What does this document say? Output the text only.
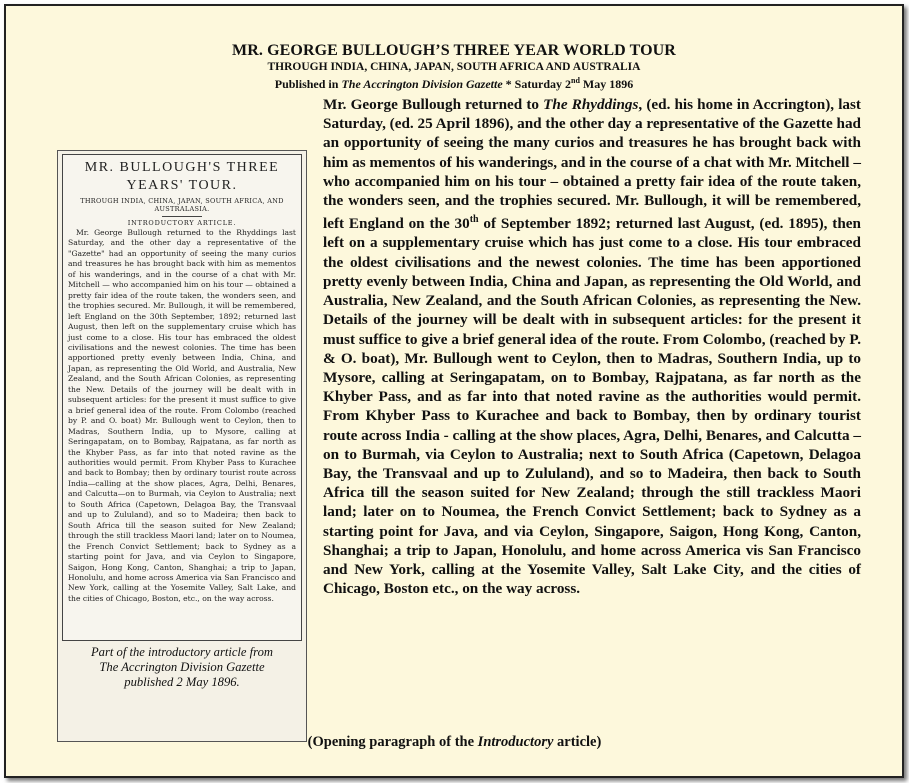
MR. GEORGE BULLOUGH’S THREE YEAR WORLD TOUR
THROUGH INDIA, CHINA, JAPAN, SOUTH AFRICA AND AUSTRALIA
Published in The Accrington Division Gazette * Saturday 2nd May 1896
Mr. George Bullough returned to The Rhyddings, (ed. his home in Accrington), last Saturday, (ed. 25 April 1896), and the other day a representative of the Gazette had an opportunity of seeing the many curios and treasures he has brought back with him as mementos of his wanderings, and in the course of a chat with Mr. Mitchell – who accompanied him on his tour – obtained a pretty fair idea of the route taken, the wonders seen, and the trophies secured. Mr. Bullough, it will be remembered, left England on the 30th of September 1892; returned last August, (ed. 1895), then left on a supplementary cruise which has just come to a close. His tour embraced the oldest civilisations and the newest colonies. The time has been apportioned pretty evenly between India, China and Japan, as representing the Old World, and Australia, New Zealand, and the South African Colonies, as representing the New. Details of the journey will be dealt with in subsequent articles: for the present it must suffice to give a brief general idea of the route. From Colombo, (reached by P. & O. boat), Mr. Bullough went to Ceylon, then to Madras, Southern India, up to Mysore, calling at Seringapatam, on to Bombay, Rajpatana, as far north as the Khyber Pass, and as far into that noted ravine as the authorities would permit. From Khyber Pass to Kurachee and back to Bombay, then by ordinary tourist route across India - calling at the show places, Agra, Delhi, Benares, and Calcutta – on to Burmah, via Ceylon to Australia; next to South Africa (Capetown, Delagoa Bay, the Transvaal and up to Zululand), and so to Madeira, then back to South Africa till the season suited for New Zealand; through the still trackless Maori land; later on to Noumea, the French Convict Settlement; back to Sydney as a starting point for Java, and via Ceylon, Singapore, Saigon, Hong Kong, Canton, Shanghai; a trip to Japan, Honolulu, and home across America vis San Francisco and New York, calling at the Yosemite Valley, Salt Lake City, and the cities of Chicago, Boston etc., on the way across.
MR. BULLOUGH'S THREE YEARS' TOUR.
THROUGH INDIA, CHINA, JAPAN, SOUTH AFRICA, AND AUSTRALASIA.
INTRODUCTORY ARTICLE.
Mr. George Bullough returned to the Rhyddings last Saturday, and the other day a representative of the "Gazette" had an opportunity of seeing the many curios and treasures he has brought back with him as mementos of his wanderings, and in the course of a chat with Mr. Mitchell — who accompanied him on his tour — obtained a pretty fair idea of the route taken, the wonders seen, and the trophies secured. Mr. Bullough, it will be remembered, left England on the 30th September, 1892; returned last August, then left on the supplementary cruise which has just come to a close. His tour has embraced the oldest civilisations and the newest colonies. The time has been apportioned pretty evenly between India, China, and Japan, as representing the Old World, and Australia, New Zealand, and the South African Colonies, as representing the New. Details of the journey will be dealt with in subsequent articles: for the present it must suffice to give a brief general idea of the route. From Colombo (reached by P. and O. boat) Mr. Bullough went to Ceylon, then to Madras, Southern India, up to Mysore, calling at Seringapatam, on to Bombay, Rajpatana, as far north as the Khyber Pass, as far into that noted ravine as the authorities would permit. From Khyber Pass to Kurachee and back to Bombay; then by ordinary tourist route across India—calling at the show places, Agra, Delhi, Benares, and Calcutta—on to Burmah, via Ceylon to Australia; next to South Africa (Capetown, Delagoa Bay, the Transvaal and up to Zululand), and so to Madeira; then back to South Africa till the season suited for New Zealand; through the still trackless Maori land; later on to Noumea, the French Convict Settlement; back to Sydney as a starting point for Java, and via Ceylon to Singapore, Saigon, Hong Kong, Canton, Shanghai; a trip to Japan, Honolulu, and home across America via San Francisco and New York, calling at the Yosemite Valley, Salt Lake, and the cities of Chicago, Boston, etc., on the way across.
Part of the introductory article from
The Accrington Division Gazette
published 2 May 1896.
(Opening paragraph of the Introductory article)
